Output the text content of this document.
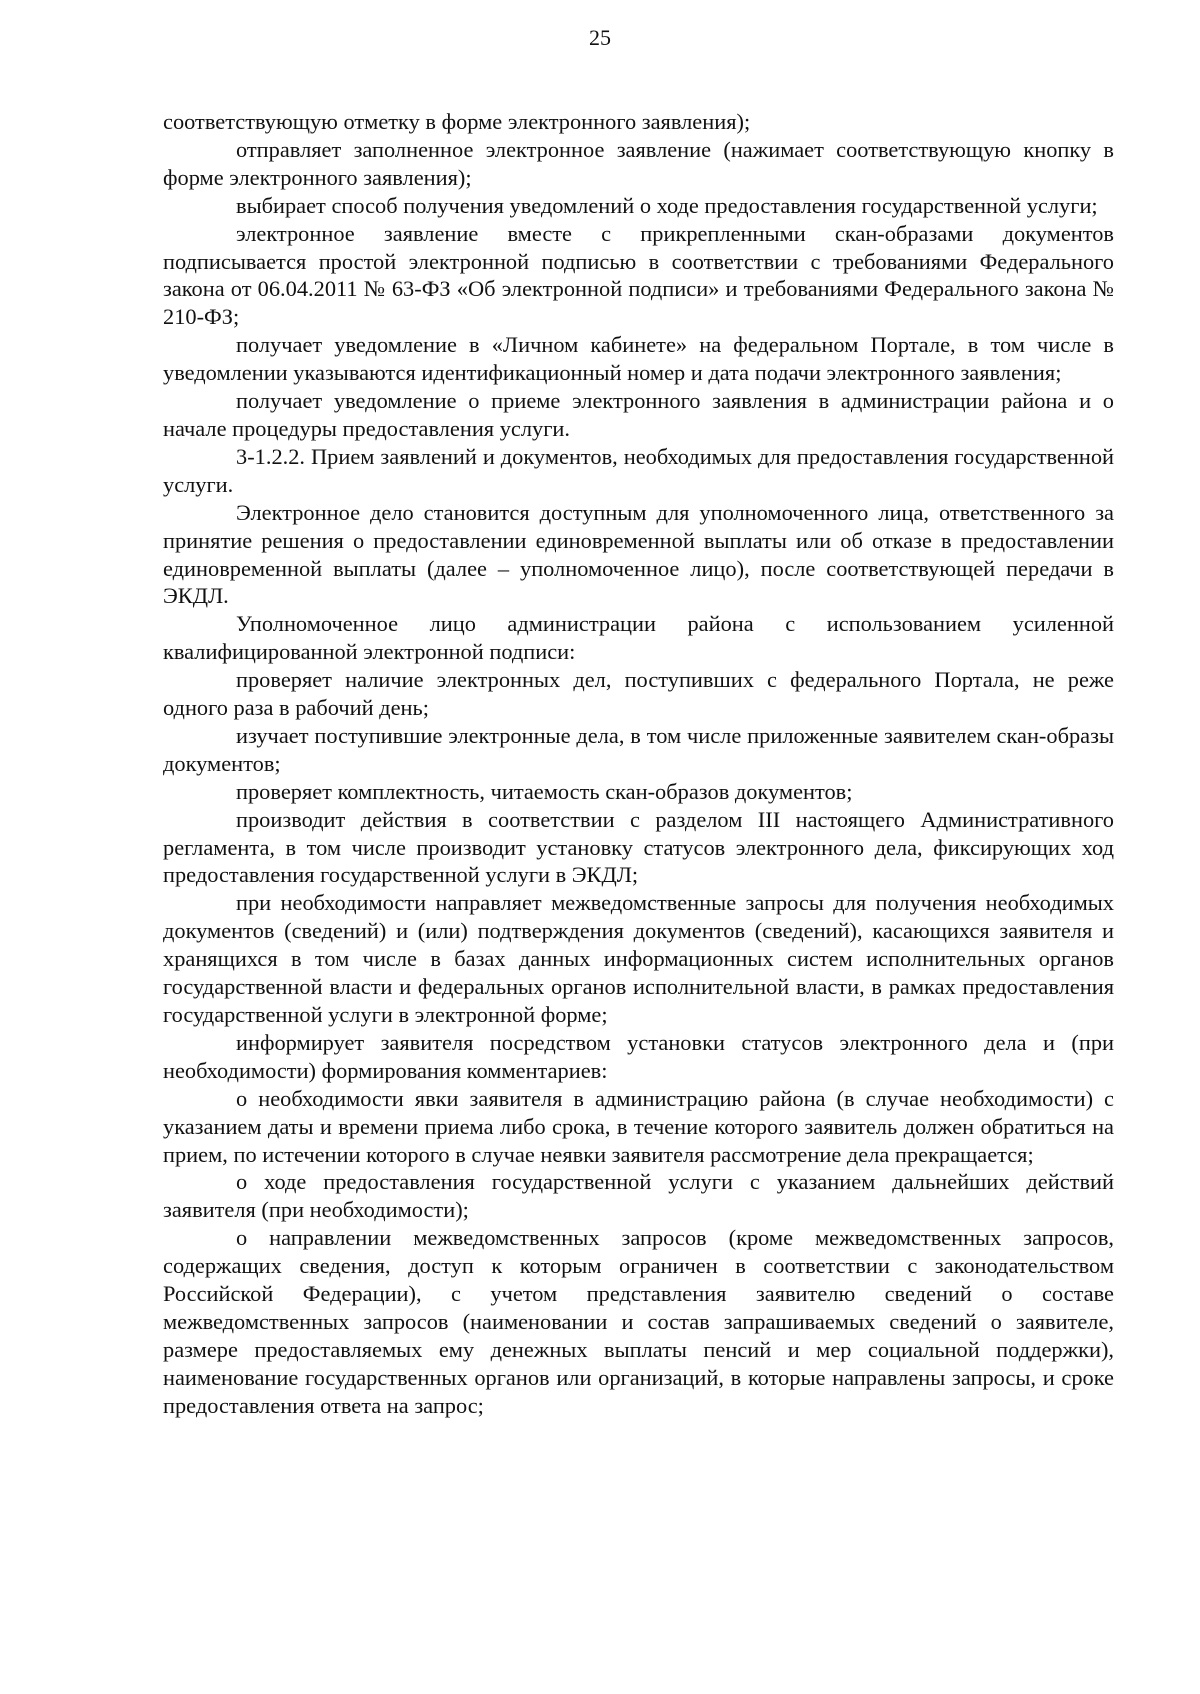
25

соответствующую отметку в форме электронного заявления);

отправляет заполненное электронное заявление (нажимает соответствующую кнопку в форме электронного заявления);

выбирает способ получения уведомлений о ходе предоставления государственной услуги;

электронное заявление вместе с прикрепленными скан-образами документов подписывается простой электронной подписью в соответствии с требованиями Федерального закона от 06.04.2011 № 63-ФЗ «Об электронной подписи» и требованиями Федерального закона № 210-ФЗ;

получает уведомление в «Личном кабинете» на федеральном Портале, в том числе в уведомлении указываются идентификационный номер и дата подачи электронного заявления;

получает уведомление о приеме электронного заявления в администрации района и о начале процедуры предоставления услуги.

3-1.2.2. Прием заявлений и документов, необходимых для предоставления государственной услуги.

Электронное дело становится доступным для уполномоченного лица, ответственного за принятие решения о предоставлении единовременной выплаты или об отказе в предоставлении единовременной выплаты (далее – уполномоченное лицо), после соответствующей передачи в ЭКДЛ.

Уполномоченное лицо администрации района с использованием усиленной квалифицированной электронной подписи:

проверяет наличие электронных дел, поступивших с федерального Портала, не реже одного раза в рабочий день;

изучает поступившие электронные дела, в том числе приложенные заявителем скан-образы документов;

проверяет комплектность, читаемость скан-образов документов;

производит действия в соответствии с разделом III настоящего Административного регламента, в том числе производит установку статусов электронного дела, фиксирующих ход предоставления государственной услуги в ЭКДЛ;

при необходимости направляет межведомственные запросы для получения необходимых документов (сведений) и (или) подтверждения документов (сведений), касающихся заявителя и хранящихся в том числе в базах данных информационных систем исполнительных органов государственной власти и федеральных органов исполнительной власти, в рамках предоставления государственной услуги в электронной форме;

информирует заявителя посредством установки статусов электронного дела и (при необходимости) формирования комментариев:

о необходимости явки заявителя в администрацию района (в случае необходимости) с указанием даты и времени приема либо срока, в течение которого заявитель должен обратиться на прием, по истечении которого в случае неявки заявителя рассмотрение дела прекращается;

о ходе предоставления государственной услуги с указанием дальнейших действий заявителя (при необходимости);

о направлении межведомственных запросов (кроме межведомственных запросов, содержащих сведения, доступ к которым ограничен в соответствии с законодательством Российской Федерации), с учетом представления заявителю сведений о составе межведомственных запросов (наименовании и состав запрашиваемых сведений о заявителе, размере предоставляемых ему денежных выплаты пенсий и мер социальной поддержки), наименование государственных органов или организаций, в которые направлены запросы, и сроке предоставления ответа на запрос;
